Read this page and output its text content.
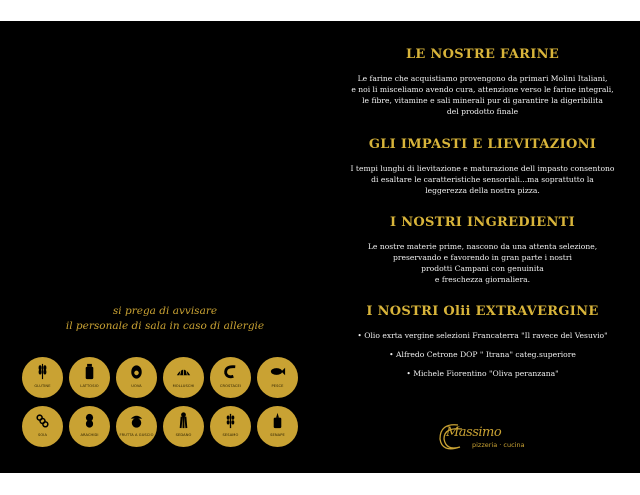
si prega di avvisare
il personale di sala in caso di allergie
GLUTINE	LATTOSIO	UOVA	MOLLUSCHI	CROSTACEI	PESCE
SOIA	ARACHIDI	FRUTTA A GUSCIO	SEDANO	SESAMO	SENAPE
LE NOSTRE FARINE

Le farine che acquistiamo provengono da primari Molini Italiani,
e noi li misceliamo avendo cura, attenzione verso le farine integrali,
le fibre, vitamine e sali minerali pur di garantire la digeribilita
del prodotto finale

GLI IMPASTI E LIEVITAZIONI

I tempi lunghi di lievitazione e maturazione dell impasto consentono
di esaltare le caratteristiche sensoriali...ma soprattutto la
leggerezza della nostra pizza.

I NOSTRI INGREDIENTI

Le nostre materie prime, nascono da una attenta selezione,
preservando e favorendo in gran parte i nostri
prodotti Campani con genuinita
e freschezza giornaliera.

I NOSTRI Olii EXTRAVERGINE
• Olio exrta vergine selezioni Francaterra "Il ravece del Vesuvio"
• Alfredo Cetrone DOP " Itrana" categ.superiore
• Michele Fiorentino "Oliva peranzana"
Massimo
pizzeria · cucina
